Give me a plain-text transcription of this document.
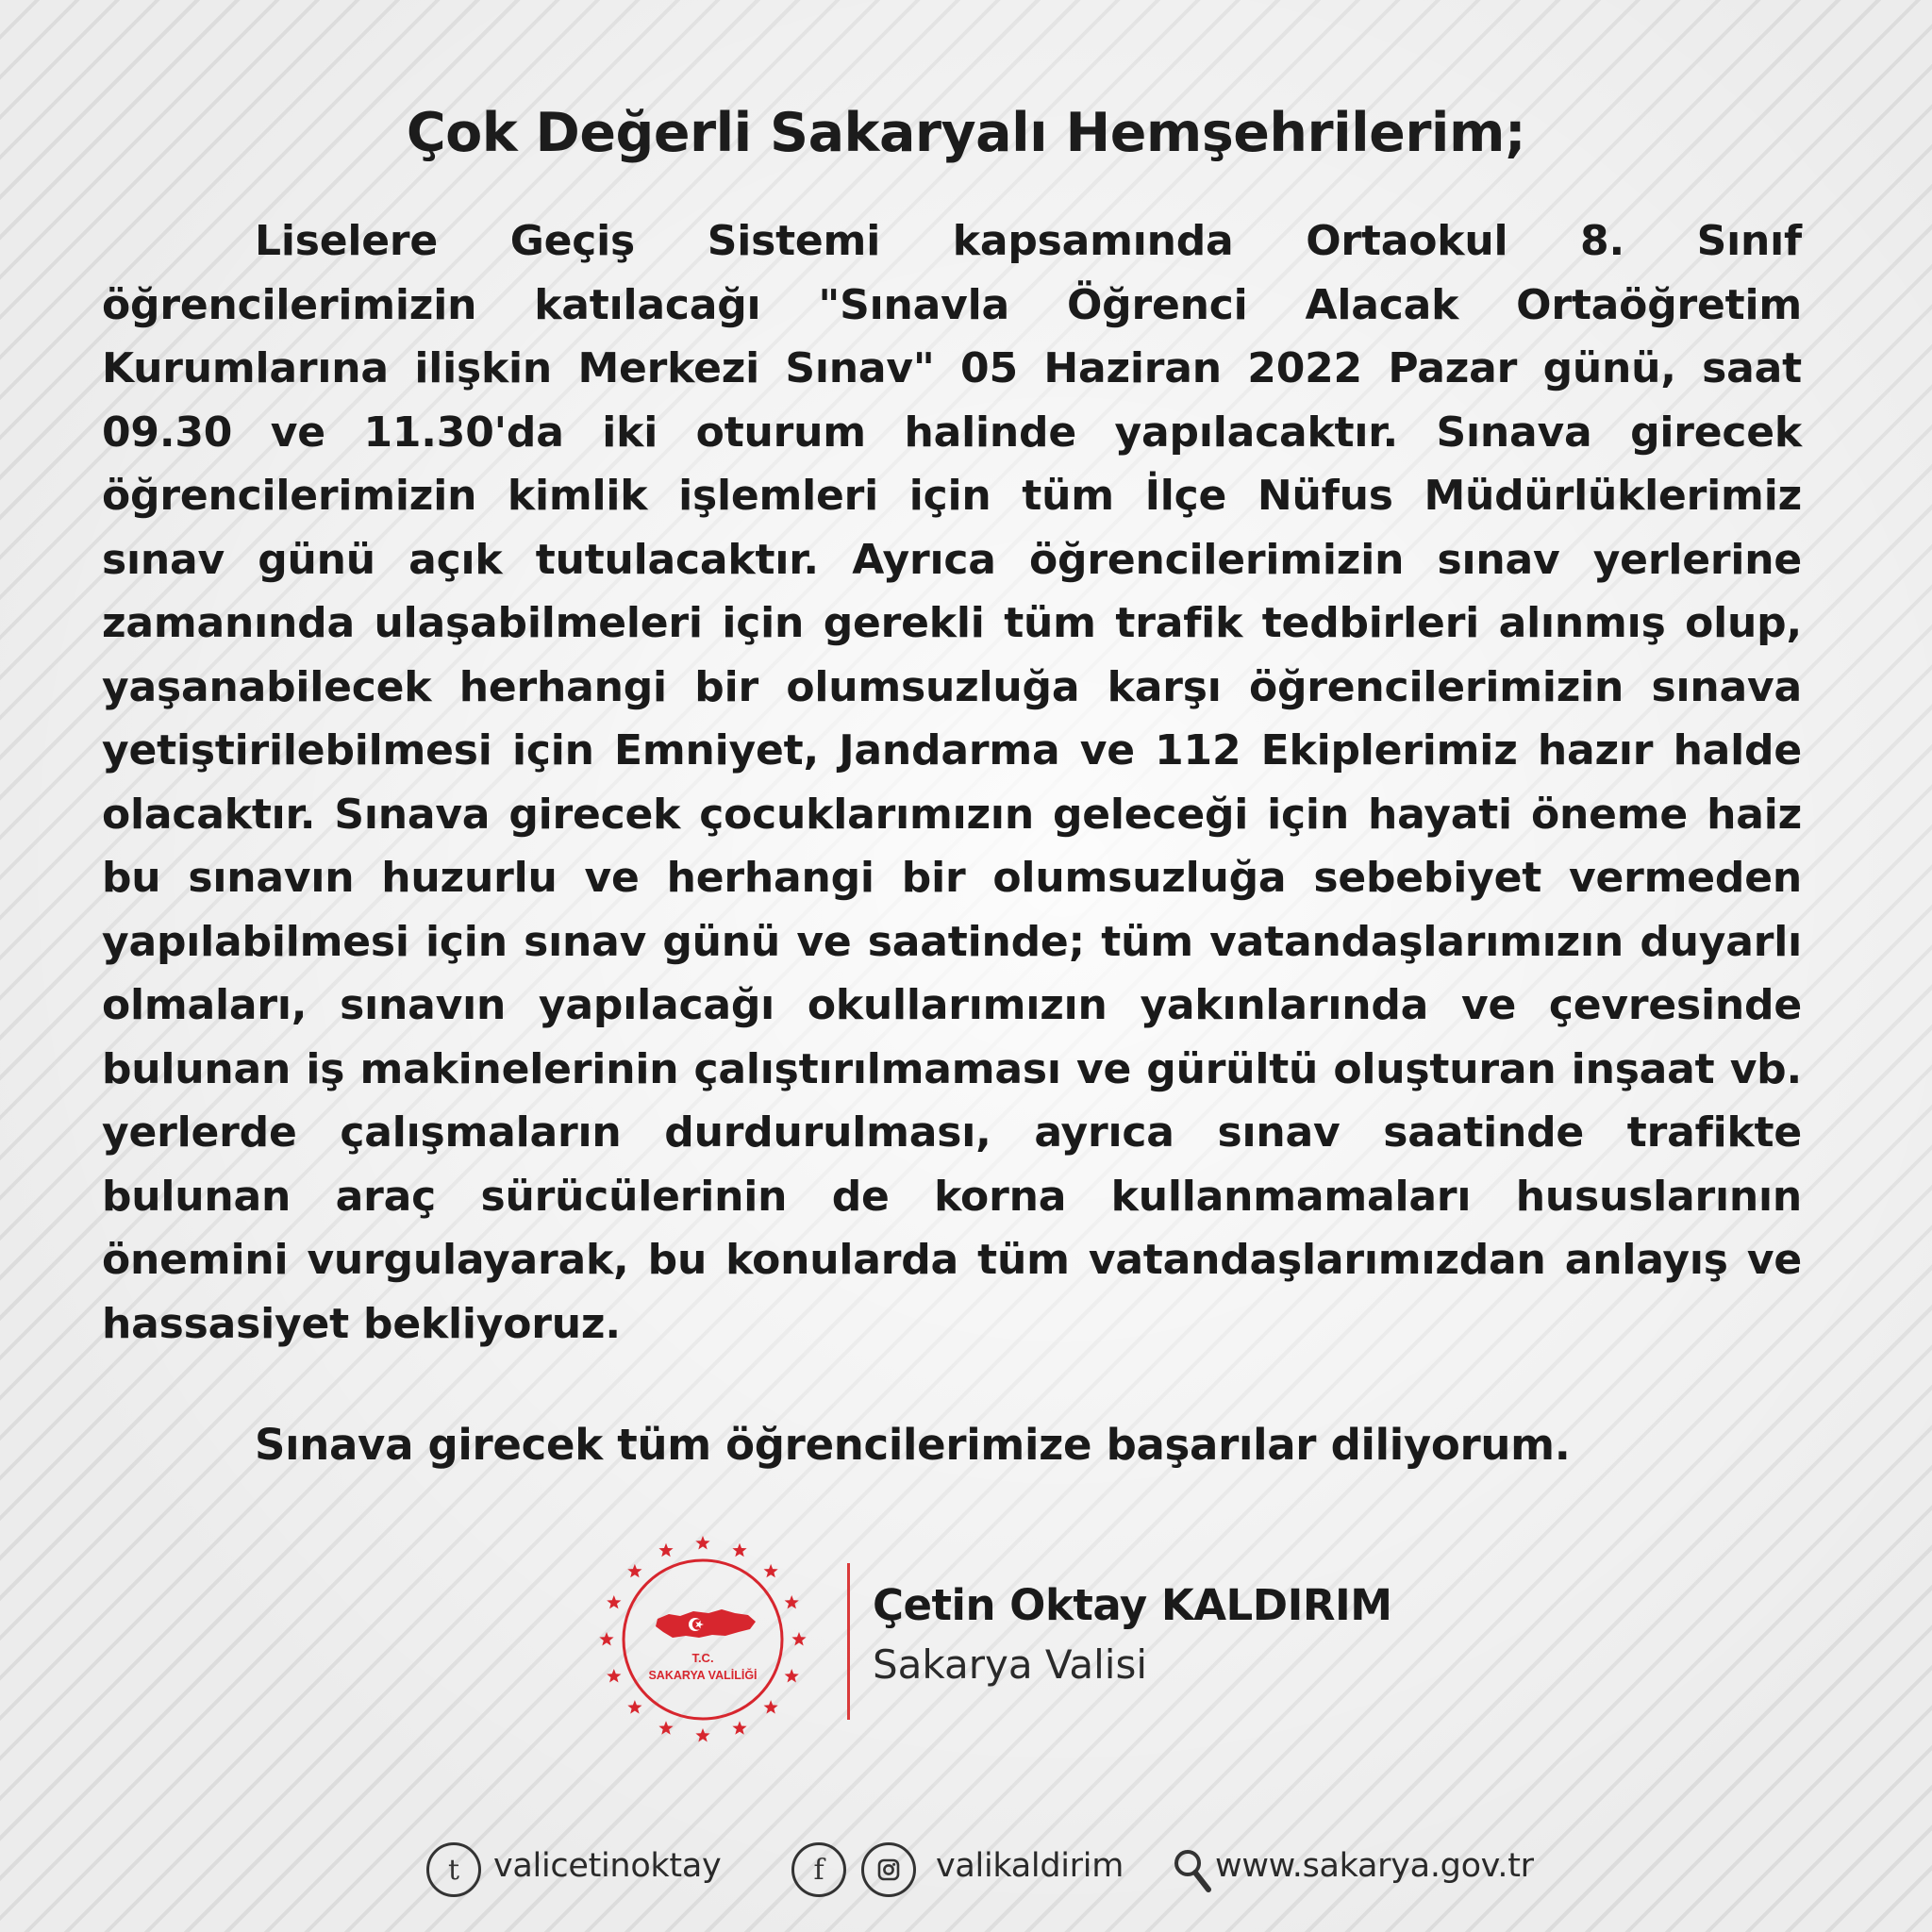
Çok Değerli Sakaryalı Hemşehrilerim;

Liselere Geçiş Sistemi kapsamında Ortaokul 8. Sınıf öğrencilerimizin katılacağı "Sınavla Öğrenci Alacak Ortaöğretim Kurumlarına ilişkin Merkezi Sınav" 05 Haziran 2022 Pazar günü, saat 09.30 ve 11.30'da iki oturum halinde yapılacaktır. Sınava girecek öğrencilerimizin kimlik işlemleri için tüm İlçe Nüfus Müdürlüklerimiz sınav günü açık tutulacaktır. Ayrıca öğrencilerimizin sınav yerlerine zamanında ulaşabilmeleri için gerekli tüm trafik tedbirleri alınmış olup, yaşanabilecek herhangi bir olumsuzluğa karşı öğrencilerimizin sınava yetiştirilebilmesi için Emniyet, Jandarma ve 112 Ekiplerimiz hazır halde olacaktır. Sınava girecek çocuklarımızın geleceği için hayati öneme haiz bu sınavın huzurlu ve herhangi bir olumsuzluğa sebebiyet vermeden yapılabilmesi için sınav günü ve saatinde; tüm vatandaşlarımızın duyarlı olmaları, sınavın yapılacağı okullarımızın yakınlarında ve çevresinde bulunan iş makinelerinin çalıştırılmaması ve gürültü oluşturan inşaat vb. yerlerde çalışmaların durdurulması, ayrıca sınav saatinde trafikte bulunan araç sürücülerinin de korna kullanmamaları hususlarının önemini vurgulayarak, bu konularda tüm vatandaşlarımızdan anlayış ve hassasiyet bekliyoruz.

Sınava girecek tüm öğrencilerimize başarılar diliyorum.

T.C.
SAKARYA VALİLİĞİ
Çetin Oktay KALDIRIM
Sakarya Valisi
t	valicetinoktay	f	valikaldirim	www.sakarya.gov.tr
